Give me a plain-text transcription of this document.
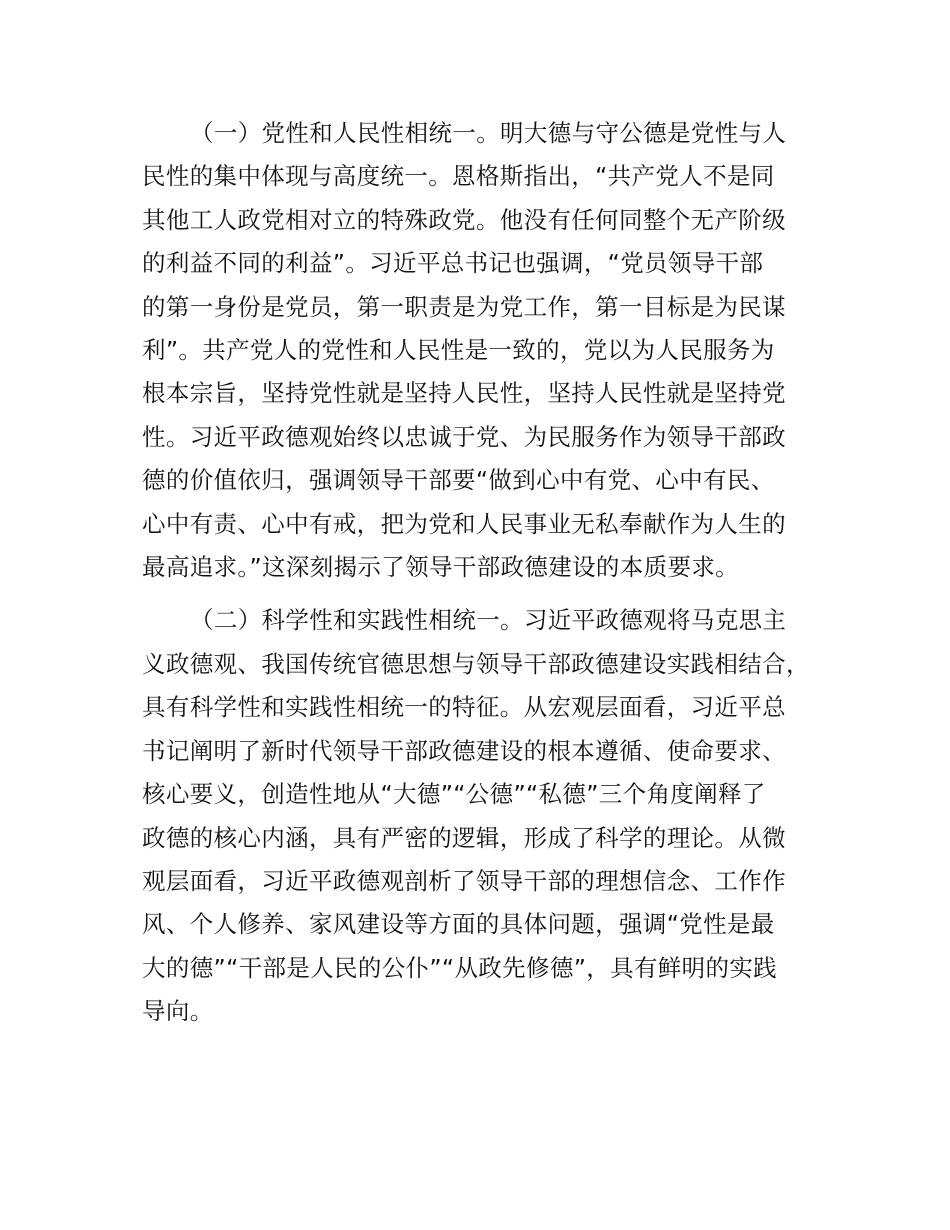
（一）党性和人民性相统一。明大德与守公德是党性与人
民性的集中体现与高度统一。恩格斯指出，“共产党人不是同
其他工人政党相对立的特殊政党。他没有任何同整个无产阶级
的利益不同的利益”。习近平总书记也强调，“党员领导干部
的第一身份是党员，第一职责是为党工作，第一目标是为民谋
利”。共产党人的党性和人民性是一致的，党以为人民服务为
根本宗旨，坚持党性就是坚持人民性，坚持人民性就是坚持党
性。习近平政德观始终以忠诚于党、为民服务作为领导干部政
德的价值依归，强调领导干部要“做到心中有党、心中有民、
心中有责、心中有戒，把为党和人民事业无私奉献作为人生的
最高追求。”这深刻揭示了领导干部政德建设的本质要求。

（二）科学性和实践性相统一。习近平政德观将马克思主
义政德观、我国传统官德思想与领导干部政德建设实践相结合，
具有科学性和实践性相统一的特征。从宏观层面看，习近平总
书记阐明了新时代领导干部政德建设的根本遵循、使命要求、
核心要义，创造性地从“大德”“公德”“私德”三个角度阐释了
政德的核心内涵，具有严密的逻辑，形成了科学的理论。从微
观层面看，习近平政德观剖析了领导干部的理想信念、工作作
风、个人修养、家风建设等方面的具体问题，强调“党性是最
大的德”“干部是人民的公仆”“从政先修德”，具有鲜明的实践
导向。
